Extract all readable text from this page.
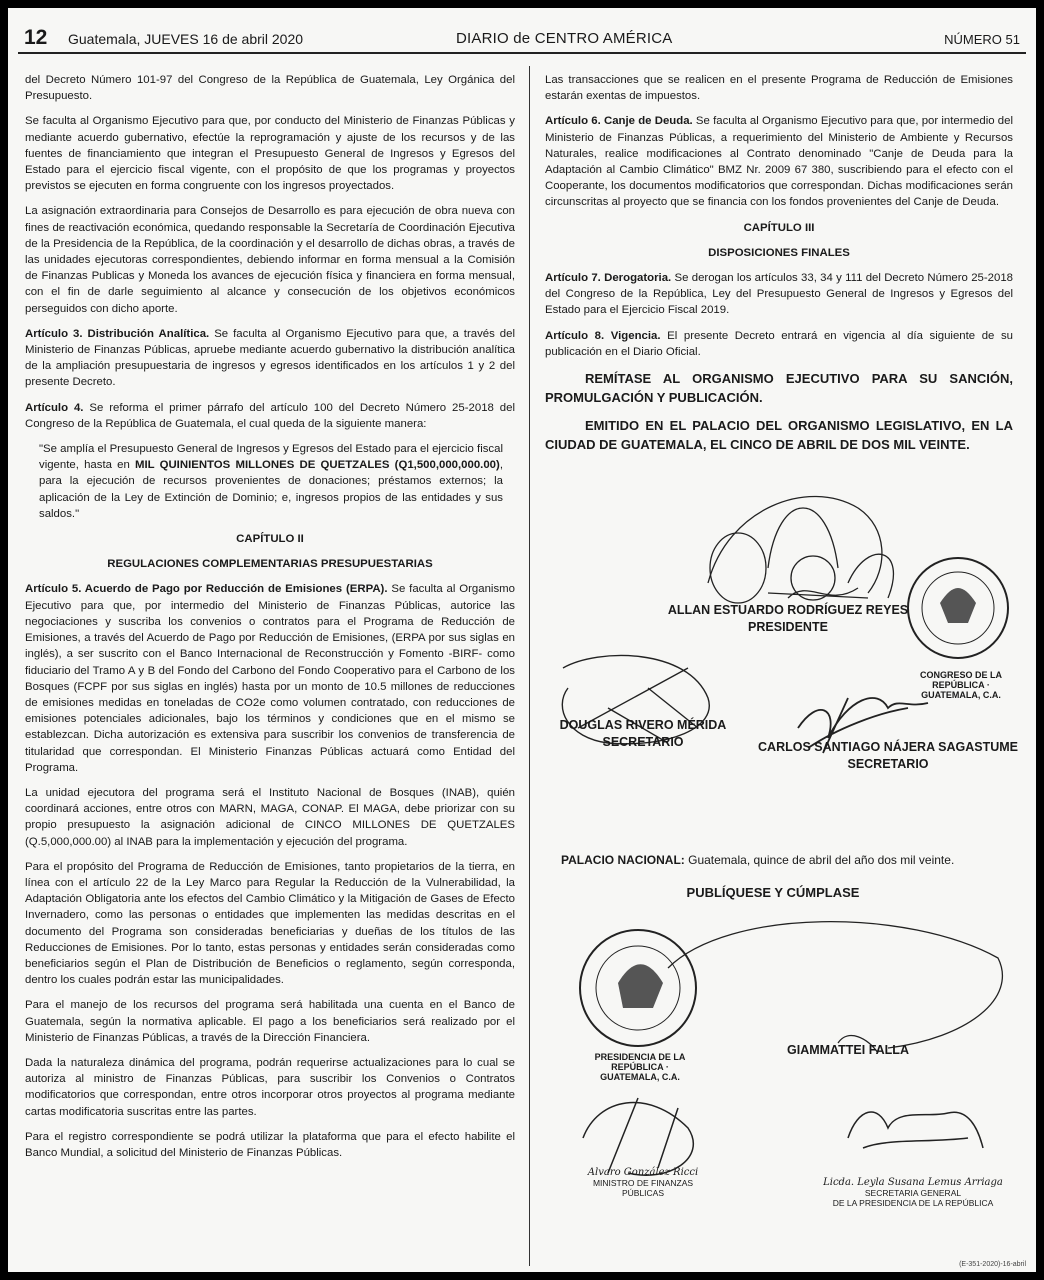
12 Guatemala, JUEVES 16 de abril 2020	DIARIO de CENTRO AMÉRICA	NÚMERO 51

del Decreto Número 101-97 del Congreso de la República de Guatemala, Ley Orgánica del Presupuesto.

Se faculta al Organismo Ejecutivo para que, por conducto del Ministerio de Finanzas Públicas y mediante acuerdo gubernativo, efectúe la reprogramación y ajuste de los recursos y de las fuentes de financiamiento que integran el Presupuesto General de Ingresos y Egresos del Estado para el ejercicio fiscal vigente, con el propósito de que los programas y proyectos previstos se ejecuten en forma congruente con los ingresos proyectados.

La asignación extraordinaria para Consejos de Desarrollo es para ejecución de obra nueva con fines de reactivación económica, quedando responsable la Secretaría de Coordinación Ejecutiva de la Presidencia de la República, de la coordinación y el desarrollo de dichas obras, a través de las unidades ejecutoras correspondientes, debiendo informar en forma mensual a la Comisión de Finanzas Publicas y Moneda los avances de ejecución física y financiera en forma mensual, con el fin de darle seguimiento al alcance y consecución de los objetivos económicos perseguidos con dicho aporte.

Artículo 3. Distribución Analítica. Se faculta al Organismo Ejecutivo para que, a través del Ministerio de Finanzas Públicas, apruebe mediante acuerdo gubernativo la distribución analítica de la ampliación presupuestaria de ingresos y egresos identificados en los artículos 1 y 2 del presente Decreto.

Artículo 4. Se reforma el primer párrafo del artículo 100 del Decreto Número 25-2018 del Congreso de la República de Guatemala, el cual queda de la siguiente manera:

"Se amplía el Presupuesto General de Ingresos y Egresos del Estado para el ejercicio fiscal vigente, hasta en MIL QUINIENTOS MILLONES DE QUETZALES (Q1,500,000,000.00), para la ejecución de recursos provenientes de donaciones; préstamos externos; la aplicación de la Ley de Extinción de Dominio; e, ingresos propios de las entidades y sus saldos."

CAPÍTULO II

REGULACIONES COMPLEMENTARIAS PRESUPUESTARIAS

Artículo 5. Acuerdo de Pago por Reducción de Emisiones (ERPA). Se faculta al Organismo Ejecutivo para que, por intermedio del Ministerio de Finanzas Públicas, autorice las negociaciones y suscriba los convenios o contratos para el Programa de Reducción de Emisiones, a través del Acuerdo de Pago por Reducción de Emisiones, (ERPA por sus siglas en inglés), a ser suscrito con el Banco Internacional de Reconstrucción y Fomento -BIRF- como fiduciario del Tramo A y B del Fondo del Carbono del Fondo Cooperativo para el Carbono de los Bosques (FCPF por sus siglas en inglés) hasta por un monto de 10.5 millones de reducciones de emisiones medidas en toneladas de CO2e como volumen contratado, con reducciones de emisiones potenciales adicionales, bajo los términos y condiciones que en el mismo se establezcan. Dicha autorización es extensiva para suscribir los convenios de transferencia de titularidad que correspondan. El Ministerio Finanzas Públicas actuará como Entidad del Programa.

La unidad ejecutora del programa será el Instituto Nacional de Bosques (INAB), quién coordinará acciones, entre otros con MARN, MAGA, CONAP. El MAGA, debe priorizar con su propio presupuesto la asignación adicional de CINCO MILLONES DE QUETZALES (Q.5,000,000.00) al INAB para la implementación y ejecución del programa.

Para el propósito del Programa de Reducción de Emisiones, tanto propietarios de la tierra, en línea con el artículo 22 de la Ley Marco para Regular la Reducción de la Vulnerabilidad, la Adaptación Obligatoria ante los efectos del Cambio Climático y la Mitigación de Gases de Efecto Invernadero, como las personas o entidades que implementen las medidas descritas en el documento del Programa son consideradas beneficiarias y dueñas de los títulos de las Reducciones de Emisiones. Por lo tanto, estas personas y entidades serán consideradas como beneficiarios según el Plan de Distribución de Beneficios o reglamento, según corresponda, dentro los cuales podrán estar las municipalidades.

Para el manejo de los recursos del programa será habilitada una cuenta en el Banco de Guatemala, según la normativa aplicable. El pago a los beneficiarios será realizado por el Ministerio de Finanzas Públicas, a través de la Dirección Financiera.

Dada la naturaleza dinámica del programa, podrán requerirse actualizaciones para lo cual se autoriza al ministro de Finanzas Públicas, para suscribir los Convenios o Contratos modificatorios que correspondan, entre otros incorporar otros proyectos al programa mediante cartas modificatoria suscritas entre las partes.

Para el registro correspondiente se podrá utilizar la plataforma que para el efecto habilite el Banco Mundial, a solicitud del Ministerio de Finanzas Públicas.

Las transacciones que se realicen en el presente Programa de Reducción de Emisiones estarán exentas de impuestos.

Artículo 6. Canje de Deuda. Se faculta al Organismo Ejecutivo para que, por intermedio del Ministerio de Finanzas Públicas, a requerimiento del Ministerio de Ambiente y Recursos Naturales, realice modificaciones al Contrato denominado "Canje de Deuda para la Adaptación al Cambio Climático" BMZ Nr. 2009 67 380, suscribiendo para el efecto con el Cooperante, los documentos modificatorios que correspondan. Dichas modificaciones serán circunscritas al proyecto que se financia con los fondos provenientes del Canje de Deuda.

CAPÍTULO III

DISPOSICIONES FINALES

Artículo 7. Derogatoria. Se derogan los artículos 33, 34 y 111 del Decreto Número 25-2018 del Congreso de la República, Ley del Presupuesto General de Ingresos y Egresos del Estado para el Ejercicio Fiscal 2019.

Artículo 8. Vigencia. El presente Decreto entrará en vigencia al día siguiente de su publicación en el Diario Oficial.

REMÍTASE AL ORGANISMO EJECUTIVO PARA SU SANCIÓN, PROMULGACIÓN Y PUBLICACIÓN.

EMITIDO EN EL PALACIO DEL ORGANISMO LEGISLATIVO, EN LA CIUDAD DE GUATEMALA, EL CINCO DE ABRIL DE DOS MIL VEINTE.

ALLAN ESTUARDO RODRÍGUEZ REYES
PRESIDENTE
CONGRESO DE LA REPÚBLICA · GUATEMALA, C.A.
DOUGLAS RIVERO MÉRIDA
SECRETARIO	CARLOS SANTIAGO NÁJERA SAGASTUME
SECRETARIO
PALACIO NACIONAL: Guatemala, quince de abril del año dos mil veinte.
PUBLÍQUESE Y CÚMPLASE
PRESIDENCIA DE LA REPÚBLICA · GUATEMALA, C.A.
GIAMMATTEI FALLA
Alvaro González Ricci
MINISTRO DE FINANZAS
PÚBLICAS
Licda. Leyla Susana Lemus Arriaga
SECRETARIA GENERAL
DE LA PRESIDENCIA DE LA REPÚBLICA
(E-351-2020)-16-abril
